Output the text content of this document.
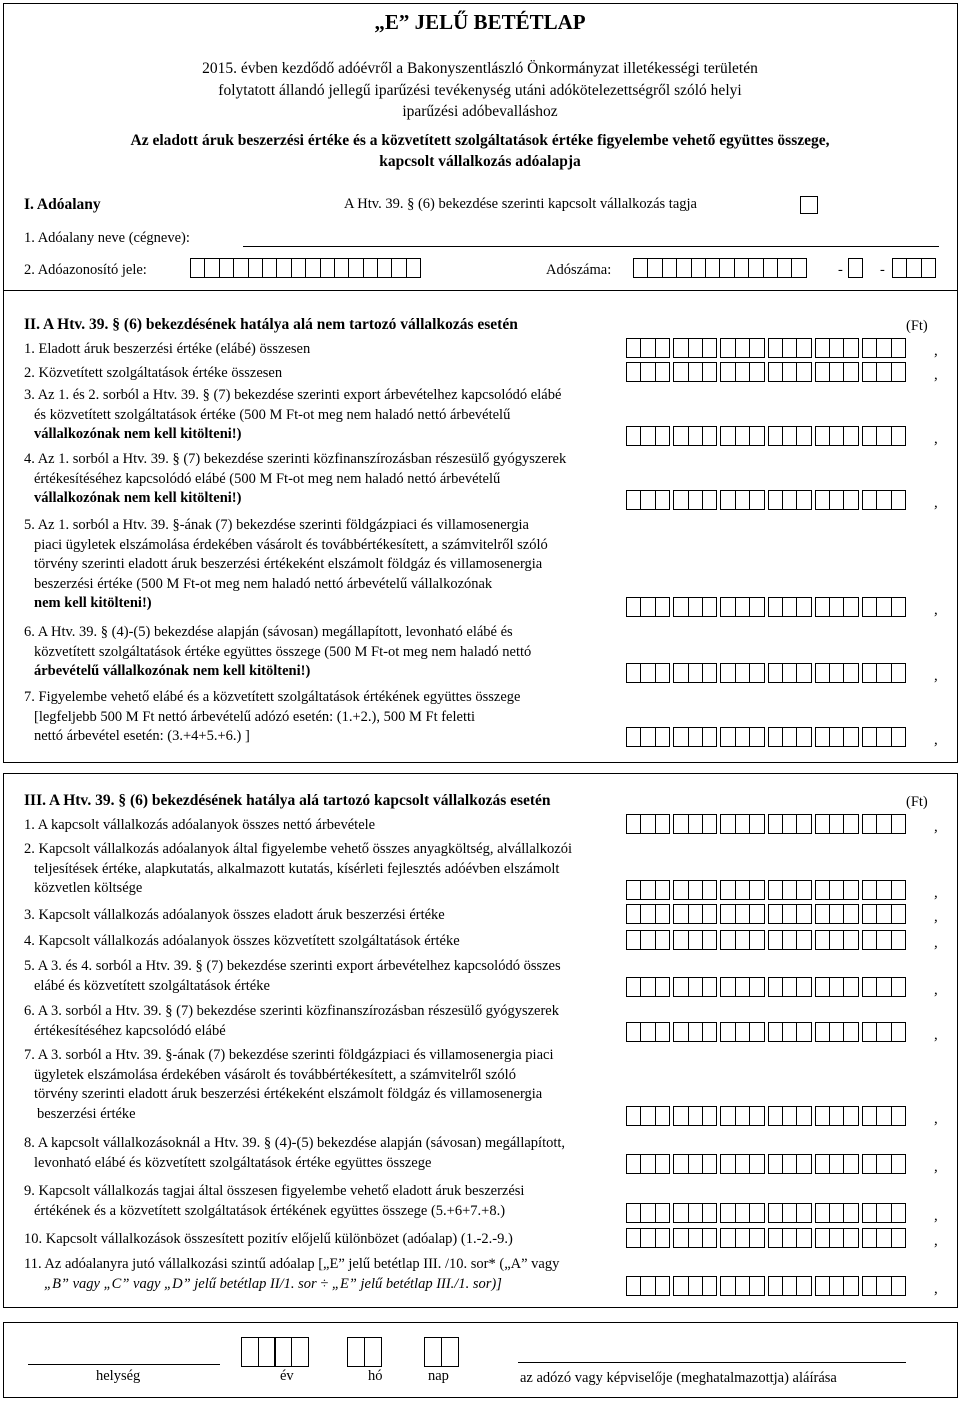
„E” JELŰ BETÉTLAP
2015. évben kezdődő adóévről a Bakonyszentlászló Önkormányzat illetékességi területén
folytatott állandó jellegű iparűzési tevékenység utáni adókötelezettségről szóló helyi
iparűzési adóbevalláshoz
Az eladott áruk beszerzési értéke és a közvetített szolgáltatások értéke figyelembe vehető együttes összege,
kapcsolt vállalkozás adóalapja
I. Adóalany	A Htv. 39. § (6) bekezdése szerinti kapcsolt vállalkozás tagja
1. Adóalany neve (cégneve):
2. Adóazonosító jele:	Adószáma:	-	-
II. A Htv. 39. § (6) bekezdésének hatálya alá nem tartozó vállalkozás esetén	(Ft)
1. Eladott áruk beszerzési értéke (elábé) összesen	,
2. Közvetített szolgáltatások értéke összesen	,
3. Az 1. és 2. sorból a Htv. 39. § (7) bekezdése szerinti export árbevételhez kapcsolódó elábé
és közvetített szolgáltatások értéke (500 M Ft-ot meg nem haladó nettó árbevételű
vállalkozónak nem kell kitölteni!)	,
4. Az 1. sorból a Htv. 39. § (7) bekezdése szerinti közfinanszírozásban részesülő gyógyszerek
értékesítéséhez kapcsolódó elábé (500 M Ft-ot meg nem haladó nettó árbevételű
vállalkozónak nem kell kitölteni!)	,
5. Az 1. sorból a Htv. 39. §-ának (7) bekezdése szerinti földgázpiaci és villamosenergia
piaci ügyletek elszámolása érdekében vásárolt és továbbértékesített, a számvitelről szóló
törvény szerinti eladott áruk beszerzési értékeként elszámolt földgáz és villamosenergia
beszerzési értéke (500 M Ft-ot meg nem haladó nettó árbevételű vállalkozónak
nem kell kitölteni!)	,
6. A Htv. 39. § (4)-(5) bekezdése alapján (sávosan) megállapított, levonható elábé és
közvetített szolgáltatások értéke együttes összege (500 M Ft-ot meg nem haladó nettó
árbevételű vállalkozónak nem kell kitölteni!)	,
7. Figyelembe vehető elábé és a közvetített szolgáltatások értékének együttes összege
[legfeljebb 500 M Ft nettó árbevételű adózó esetén: (1.+2.), 500 M Ft feletti
nettó árbevétel esetén: (3.+4+5.+6.) ]	,
III. A Htv. 39. § (6) bekezdésének hatálya alá tartozó kapcsolt vállalkozás esetén	(Ft)
1. A kapcsolt vállalkozás adóalanyok összes nettó árbevétele	,
2. Kapcsolt vállalkozás adóalanyok által figyelembe vehető összes anyagköltség, alvállalkozói
teljesítések értéke, alapkutatás, alkalmazott kutatás, kísérleti fejlesztés adóévben elszámolt
közvetlen költsége	,
3. Kapcsolt vállalkozás adóalanyok összes eladott áruk beszerzési értéke	,
4. Kapcsolt vállalkozás adóalanyok összes közvetített szolgáltatások értéke	,
5. A 3. és 4. sorból a Htv. 39. § (7) bekezdése szerinti export árbevételhez kapcsolódó összes
elábé és közvetített szolgáltatások értéke	,
6. A 3. sorból a Htv. 39. § (7) bekezdése szerinti közfinanszírozásban részesülő gyógyszerek
értékesítéséhez kapcsolódó elábé	,
7. A 3. sorból a Htv. 39. §-ának (7) bekezdése szerinti földgázpiaci és villamosenergia piaci
ügyletek elszámolása érdekében vásárolt és továbbértékesített, a számvitelről szóló
törvény szerinti eladott áruk beszerzési értékeként elszámolt földgáz és villamosenergia
beszerzési értéke	,
8. A kapcsolt vállalkozásoknál a Htv. 39. § (4)-(5) bekezdése alapján (sávosan) megállapított,
levonható elábé és közvetített szolgáltatások értéke együttes összege	,
9. Kapcsolt vállalkozás tagjai által összesen figyelembe vehető eladott áruk beszerzési
értékének és a közvetített szolgáltatások értékének együttes összege (5.+6+7.+8.)	,
10. Kapcsolt vállalkozások összesített pozitív előjelű különbözet (adóalap) (1.-2.-9.)	,
11. Az adóalanyra jutó vállalkozási szintű adóalap [„E” jelű betétlap III. /10. sor* („A” vagy
„B” vagy „C” vagy „D” jelű betétlap II/1. sor ÷ „E” jelű betétlap III./1. sor)]	,
helység	év	hó	nap	az adózó vagy képviselője (meghatalmazottja) aláírása
